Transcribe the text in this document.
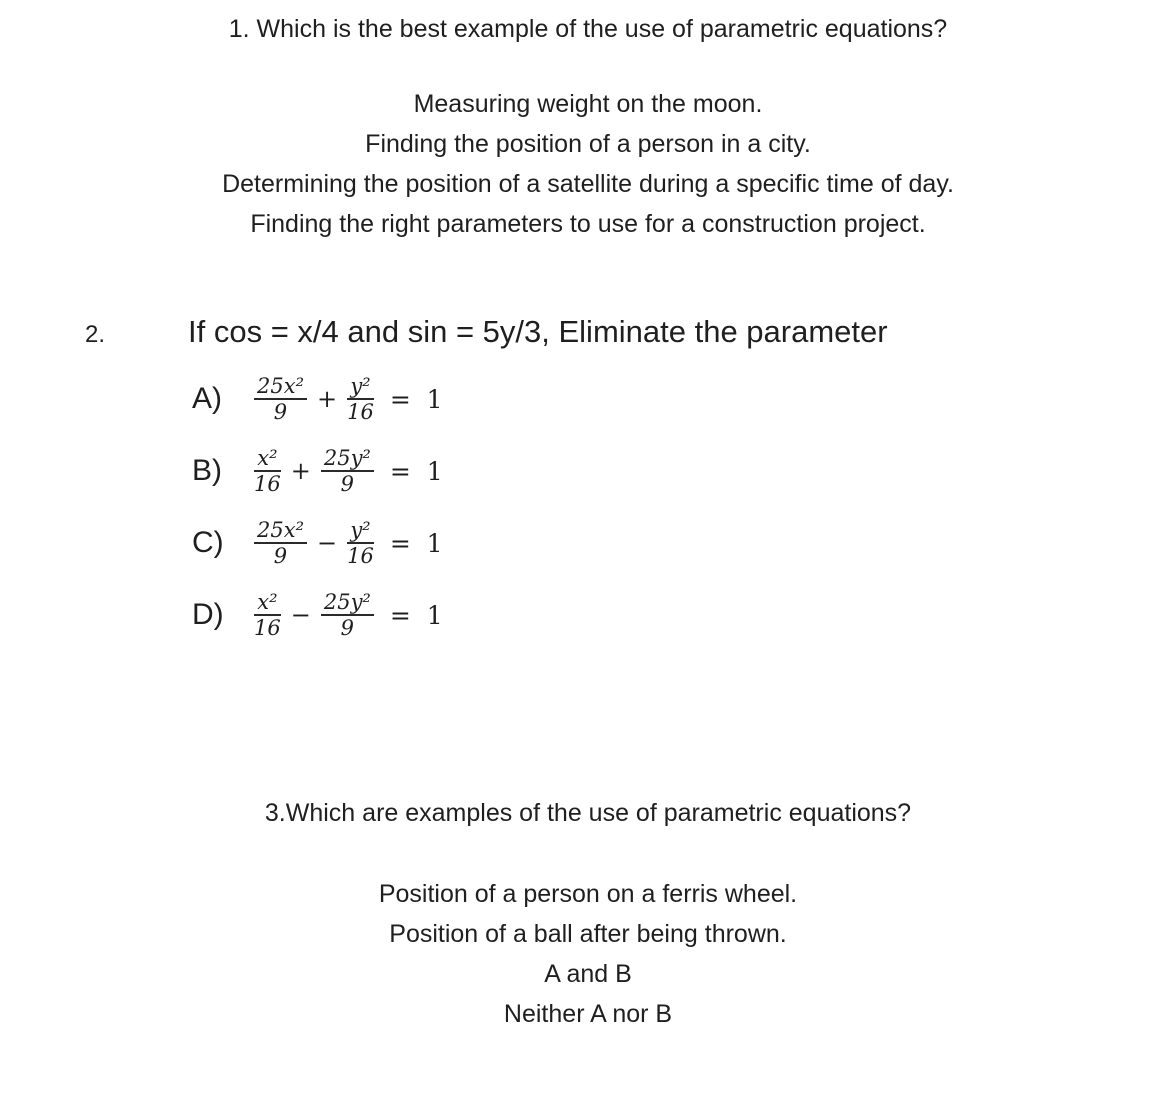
1. Which is the best example of the use of parametric equations?
Measuring weight on the moon.
Finding the position of a person in a city.
Determining the position of a satellite during a specific time of day.
Finding the right parameters to use for a construction project.
2.	If cos = x/4 and sin = 5y/3, Eliminate the parameter
A)	$\frac{\text{25x²}}{9} + \frac{\text{y²}}{16} = 1$
B)	$\frac{\text{x²}}{16} + \frac{\text{25y²}}{9} = 1$
C)	$\frac{\text{25x²}}{9} - \frac{\text{y²}}{16} = 1$
D)	$\frac{\text{x²}}{16} - \frac{\text{25y²}}{9} = 1$
3.Which are examples of the use of parametric equations?
Position of a person on a ferris wheel.
Position of a ball after being thrown.
A and B
Neither A nor B
